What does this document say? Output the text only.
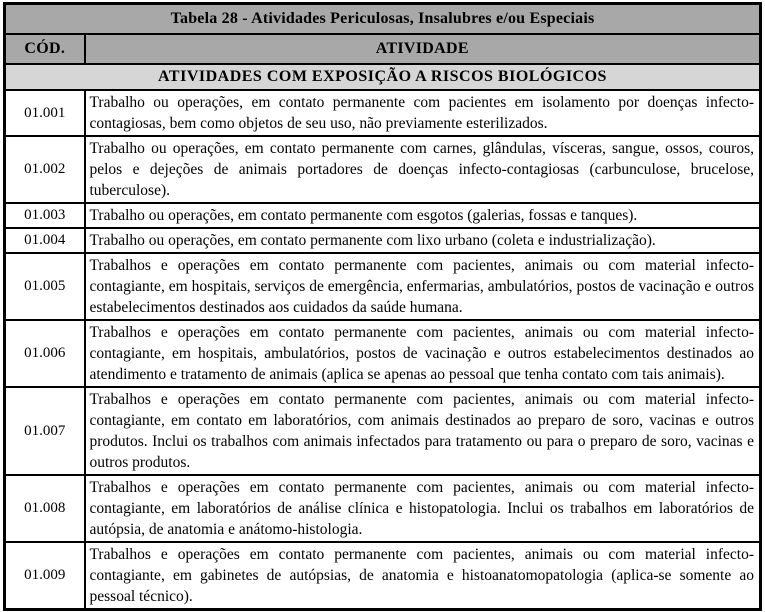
Tabela 28 - Atividades Periculosas, Insalubres e/ou Especiais	
CÓD.	ATIVIDADE
ATIVIDADES COM EXPOSIÇÃO A RISCOS BIOLÓGICOS	
01.001	Trabalho ou operações, em contato permanente com pacientes em isolamento por doenças infecto-contagiosas, bem como objetos de seu uso, não previamente esterilizados.
01.002	Trabalho ou operações, em contato permanente com carnes, glândulas, vísceras, sangue, ossos, couros, pelos e dejeções de animais portadores de doenças infecto-contagiosas (carbunculose, brucelose, tuberculose).
01.003	Trabalho ou operações, em contato permanente com esgotos (galerias, fossas e tanques).
01.004	Trabalho ou operações, em contato permanente com lixo urbano (coleta e industrialização).
01.005	Trabalhos e operações em contato permanente com pacientes, animais ou com material infecto-contagiante, em hospitais, serviços de emergência, enfermarias, ambulatórios, postos de vacinação e outros estabelecimentos destinados aos cuidados da saúde humana.
01.006	Trabalhos e operações em contato permanente com pacientes, animais ou com material infecto-contagiante, em hospitais, ambulatórios, postos de vacinação e outros estabelecimentos destinados ao atendimento e tratamento de animais (aplica se apenas ao pessoal que tenha contato com tais animais).
01.007	Trabalhos e operações em contato permanente com pacientes, animais ou com material infecto-contagiante, em contato em laboratórios, com animais destinados ao preparo de soro, vacinas e outros produtos. Inclui os trabalhos com animais infectados para tratamento ou para o preparo de soro, vacinas e outros produtos.
01.008	Trabalhos e operações em contato permanente com pacientes, animais ou com material infecto-contagiante, em laboratórios de análise clínica e histopatologia. Inclui os trabalhos em laboratórios de autópsia, de anatomia e anátomo-histologia.
01.009	Trabalhos e operações em contato permanente com pacientes, animais ou com material infecto-contagiante, em gabinetes de autópsias, de anatomia e histoanatomopatologia (aplica-se somente ao pessoal técnico).
